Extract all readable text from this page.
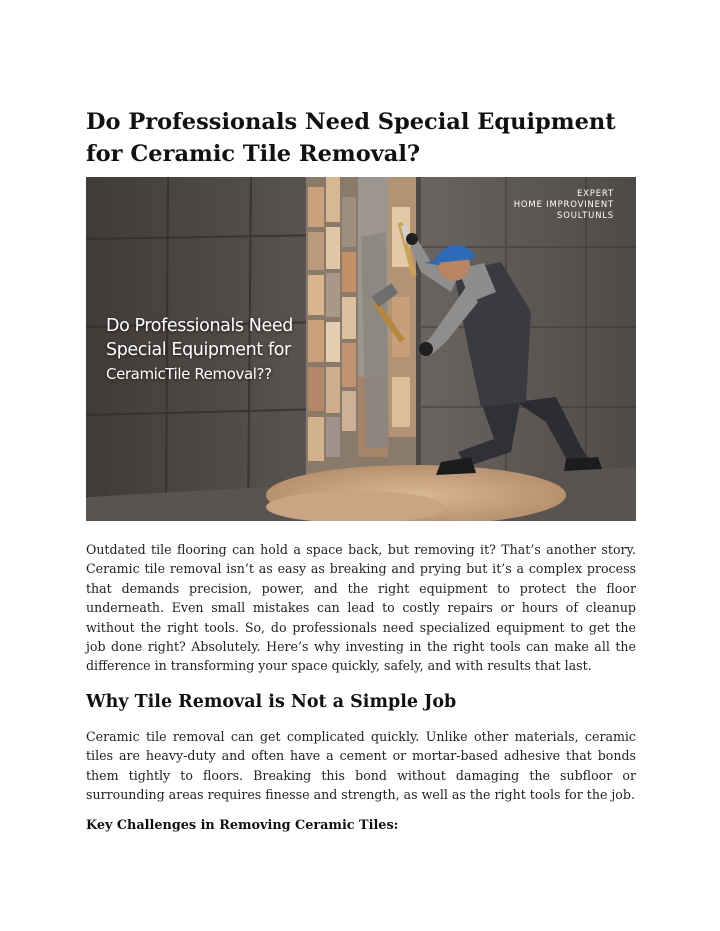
Do Professionals Need Special Equipment for Ceramic Tile Removal?
Do Professionals Need
Special Equipment for
CeramicTile Removal??
EXPERT
HOME IMPROVINENT
SOULTUNLS

Outdated tile flooring can hold a space back, but removing it? That’s another story. Ceramic tile removal isn’t as easy as breaking and prying but it’s a complex process that demands precision, power, and the right equipment to protect the floor underneath. Even small mistakes can lead to costly repairs or hours of cleanup without the right tools. So, do professionals need specialized equipment to get the job done right? Absolutely. Here’s why investing in the right tools can make all the difference in transforming your space quickly, safely, and with results that last.

Why Tile Removal is Not a Simple Job

Ceramic tile removal can get complicated quickly. Unlike other materials, ceramic tiles are heavy-duty and often have a cement or mortar-based adhesive that bonds them tightly to floors. Breaking this bond without damaging the subfloor or surrounding areas requires finesse and strength, as well as the right tools for the job.

Key Challenges in Removing Ceramic Tiles:
